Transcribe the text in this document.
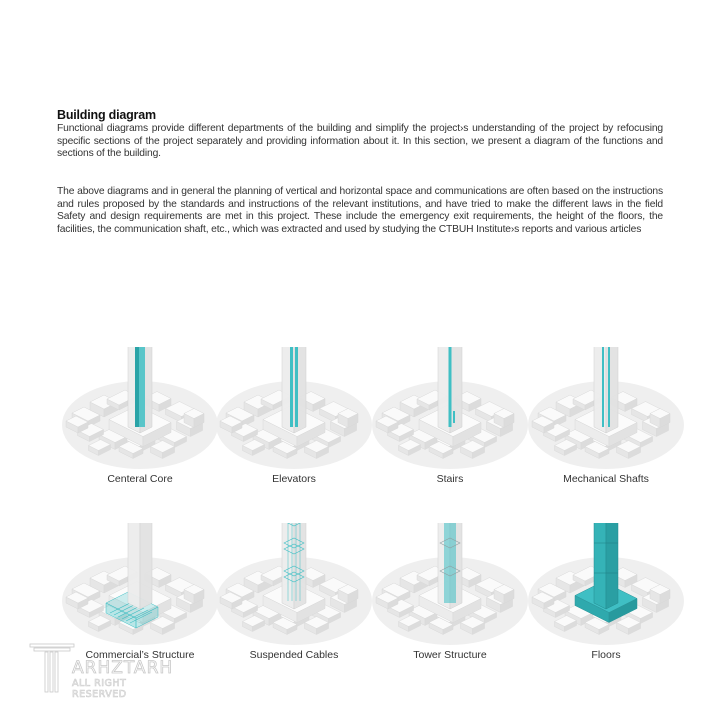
Building diagram
Functional diagrams provide different departments of the building and simplify the project›s understanding of the project by refocusing specific sections of the project separately and providing information about it. In this section, we present a diagram of the functions and sections of the building.
The above diagrams and in general the planning of vertical and horizontal space and communications are often based on the instructions and rules proposed by the standards and instructions of the relevant institutions, and have tried to make the different laws in the field Safety and design requirements are met in this project. These include the emergency exit requirements, the height of the floors, the facilities, the communication shaft, etc., which was extracted and used by studying the CTBUH Institute›s reports and various articles
Centeral Core	Elevators	Stairs	Mechanical Shafts
Commercial’s Structure	Suspended Cables	Tower Structure	Floors
ARHZTARH
ALL RIGHT RESERVED
